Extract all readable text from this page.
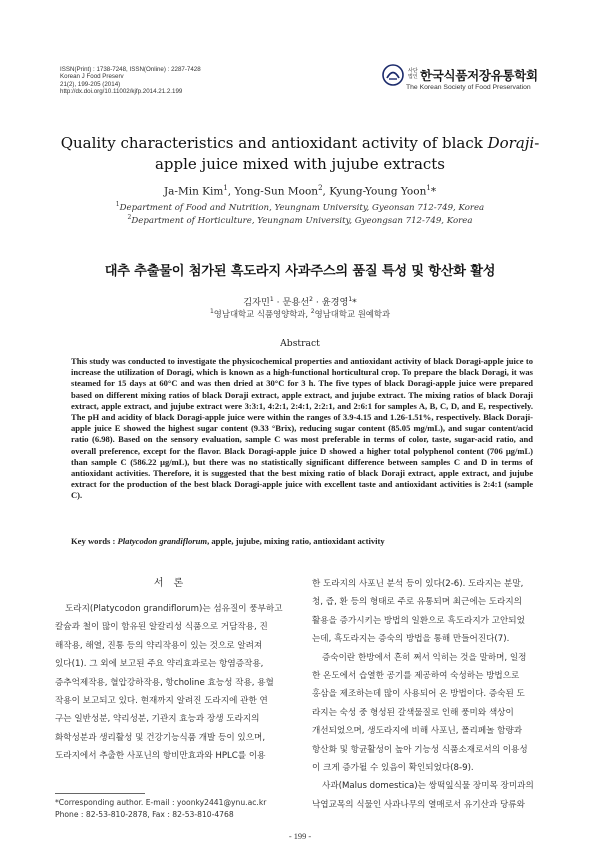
ISSN(Print) : 1738-7248, ISSN(Online) : 2287-7428
Korean J Food Preserv
21(2), 199-205 (2014)
http://dx.doi.org/10.11002/kjfp.2014.21.2.199
사단법인 한국식품저장유통학회
The Korean Society of Food Preservation
Quality characteristics and antioxidant activity of black Doraji-apple juice mixed with jujube extracts
Ja-Min Kim$^1$, Yong-Sun Moon$^2$, Kyung-Young Yoon$^1$*
$^1$Department of Food and Nutrition, Yeungnam University, Gyeonsan 712-749, Korea
$^2$Department of Horticulture, Yeungnam University, Gyeongsan 712-749, Korea
대추 추출물이 첨가된 흑도라지 사과주스의 품질 특성 및 항산화 활성
김자민$^1$ · 문용선$^2$ · 윤경영$^1$*
$^1$영남대학교 식품영양학과, $^2$영남대학교 원예학과
Abstract
This study was conducted to investigate the physicochemical properties and antioxidant activity of black Doragi-apple juice to increase the utilization of Doragi, which is known as a high-functional horticultural crop. To prepare the black Doragi, it was steamed for 15 days at 60°C and was then dried at 30°C for 3 h. The five types of black Doragi-apple juice were prepared based on different mixing ratios of black Doraji extract, apple extract, and jujube extract. The mixing ratios of black Doraji extract, apple extract, and jujube extract were 3:3:1, 4:2:1, 2:4:1, 2:2:1, and 2:6:1 for samples A, B, C, D, and E, respectively. The pH and acidity of black Doragi-apple juice were within the ranges of 3.9-4.15 and 1.26-1.51%, respectively. Black Doraji-apple juice E showed the highest sugar content (9.33 °Brix), reducing sugar content (85.05 mg/mL), and sugar content/acid ratio (6.98). Based on the sensory evaluation, sample C was most preferable in terms of color, taste, sugar-acid ratio, and overall preference, except for the flavor. Black Doragi-apple juice D showed a higher total polyphenol content (706 μg/mL) than sample C (586.22 μg/mL), but there was no statistically significant difference between samples C and D in terms of antioxidant activities. Therefore, it is suggested that the best mixing ratio of black Doraji extract, apple extract, and jujube extract for the production of the best black Doragi-apple juice with excellent taste and antioxidant activities is 2:4:1 (sample C).
Key words : Platycodon grandiflorum, apple, jujube, mixing ratio, antioxidant activity
서론
도라지(Platycodon grandiflorum)는 섬유질이 풍부하고
칼슘과 철이 많이 함유된 알칼리성 식품으로 거담작용, 진
해작용, 해열, 진통 등의 약리작용이 있는 것으로 알려져
있다(1). 그 외에 보고된 주요 약리효과로는 항염증작용,
증추억제작용, 혈압강하작용, 항choline 효능성 작용, 용혈
작용이 보고되고 있다. 현재까지 알려진 도라지에 관한 연
구는 일반성분, 약리성분, 기관지 효능과 장생 도라지의
화학성분과 생리활성 및 건강기능식품 개발 등이 있으며,
도라지에서 추출한 사포닌의 항비만효과와 HPLC를 이용
한 도라지의 사포닌 분석 등이 있다(2-6). 도라지는 분말,
청, 즙, 환 등의 형태로 주로 유통되며 최근에는 도라지의
활용을 증가시키는 방법의 일환으로 흑도라지가 고안되었
는데, 흑도라지는 증숙의 방법을 통해 만들어진다(7).
증숙이란 한방에서 흔히 쩌서 익히는 것을 말하며, 일정
한 온도에서 습열한 공기를 제공하여 숙성하는 방법으로
홍삼을 제조하는데 많이 사용되어 온 방법이다. 증숙된 도
라지는 숙성 중 형성된 갈색물질로 인해 풍미와 색상이
개선되었으며, 생도라지에 비해 사포닌, 폴리페놀 함량과
항산화 및 항균활성이 높아 기능성 식품소재로서의 이용성
이 크게 증가될 수 있음이 확인되었다(8-9).
사과(Malus domestica)는 쌍떡잎식물 장미목 장미과의
낙엽교목의 식물인 사과나무의 열매로서 유기산과 당류와
*Corresponding author. E-mail : yoonky2441@ynu.ac.kr
Phone : 82-53-810-2878, Fax : 82-53-810-4768
- 199 -
